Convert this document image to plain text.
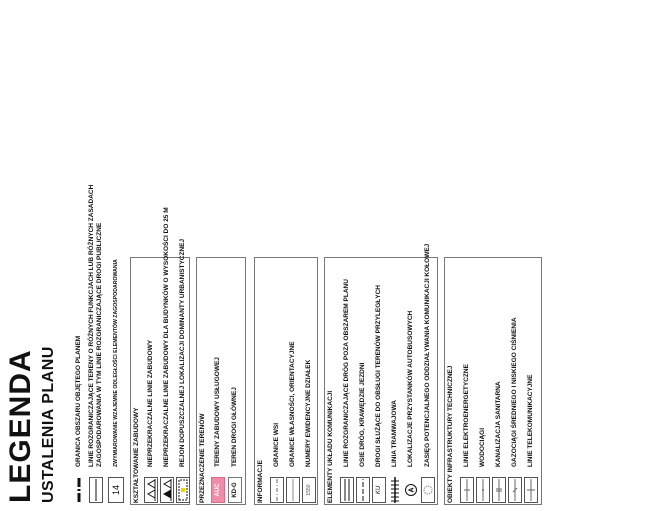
LEGENDA USTALENIA PLANU	GRANICA OBSZARU OBJĘTEGO PLANEM LINIE ROZGRANICZAJĄCE TERENY O RÓŻNYCH FUNKCJACH LUB RÓŻNYCH ZASADACH ZAGOSPODAROWANIA W TYM LINIE ROZGRANICZAJĄCE DROGI PUBLICZNE
14
ZWYMIAROWANIE WZAJEMNE ODLEGŁOŚCI ELEMENTÓW ZAGOSPODAROWANIA KSZTAŁTOWANIE ZABUDOWY NIEPRZEKRACZALNE LINIE ZABUDOWY NIEPRZEKRACZALNE LINIE ZABUDOWY DLA BUDYNKÓW O WYSOKOŚCI DO 25 M REJON DOPUSZCZALNEJ LOKALIZACJI DOMINANTY URBANISTYCZNEJ PRZEZNACZENIE TERENÓW	AUC
TERENY ZABUDOWY USŁUGOWEJ
KD-G
TEREN DROGI GŁÓWNEJ
INFORMACJE
GRANICE WSI GRANICE WŁASNOŚCI, ORIENTACYJNE
1550
NUMERY EWIDENCYJNE DZIAŁEK ELEMENTY UKŁADU KOMUNIKACJI LINIE ROZGRANICZAJĄCE DRÓG POZA OBSZAREM PLANU OSIE DRÓG, KRAWĘDZIE JEZDNI
KU
DROGI SŁUŻĄCE DO OBSŁUGI TERENÓW PRZYLEGŁYCH LINIA TRAMWAJOWA
A
LOKALIZACJE PRZYSTANKÓW AUTOBUSOWYCH ZASIĘG POTENCJALNEGO ODDZIAŁYWANIA KOMUNIKACJI KOŁOWEJ OBIEKTY INFRASTRUKTURY TECHNICZNEJ LINIE ELEKTROENERGETYCZNE WODOCIĄGI KANALIZACJA SANITARNA GAZOCIĄGI ŚREDNIEGO I NISKIEGO CIŚNIENIA LINIE TELEKOMUNIKACYJNE
